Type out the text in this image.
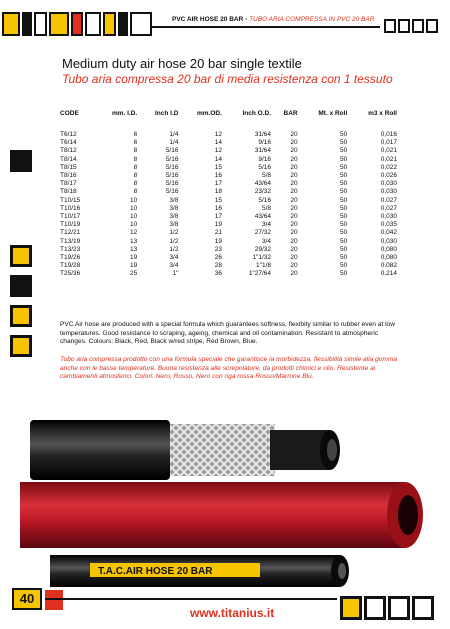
PVC AIR HOSE 20 BAR - TUBO ARIA COMPRESSA IN PVC 20 BAR
Medium duty air hose 20 bar single textile
Tubo aria compressa 20 bar di media resistenza con 1 tessuto
CODE	mm. I.D.	Inch I.D	mm.OD.	Inch O.D.	BAR	Mt. x Roll	m3 x Roll
T6/12	6	1/4	12	31/64	20	50	0,016
T6/14	6	1/4	14	9/16	20	50	0,017
T8/12	8	5/16	12	31/64	20	50	0,021
T8/14	8	5/16	14	9/16	20	50	0,021
T8/15	8	5/16	15	5/16	20	50	0,022
T8/16	8	5/16	16	5/8	20	50	0,026
T8/17	8	5/16	17	43/64	20	50	0,030
T8/18	8	5/16	18	23/32	20	50	0,030
T10/15	10	3/8	15	5/16	20	50	0,027
T10/16	10	3/8	16	5/8	20	50	0,027
T10/17	10	3/8	17	43/64	20	50	0,030
T10/19	10	3/8	19	3/4	20	50	0,035
T12/21	12	1/2	21	27/32	20	50	0,042
T13/19	13	1/2	19	3/4	20	50	0,030
T13/23	13	1/2	23	29/32	20	50	0,080
T19/26	19	3/4	26	1"1/32	20	50	0,080
T19/28	19	3/4	28	1"1/8	20	50	0,082
T25/36	25	1"	36	1"27/64	20	50	0,214
PVC Air hose are produced with a special formula which guarantees softness, flexibity similar to rubber even at low temperatures. Good resistance to scraping, ageing, chemical and oil contamination. Resistant to atmospheric changes. Colours: Black, Red, Black w/red stripe, Red Brown, Blue.
Tubo aria compressa prodotto con una formula speciale che garantisce la morbidezza, flessibilità simile alla gomma anche con le basse temperature. Buona resistenza alle screpolature, da prodotti chimici e olio. Resistente ai cambiamenti atmosferici. Colori: Nero, Rosso, Nero con riga rossa Rosso/Marrone Blu.
T.A.C.AIR HOSE 20 BAR
40
www.titanius.it
